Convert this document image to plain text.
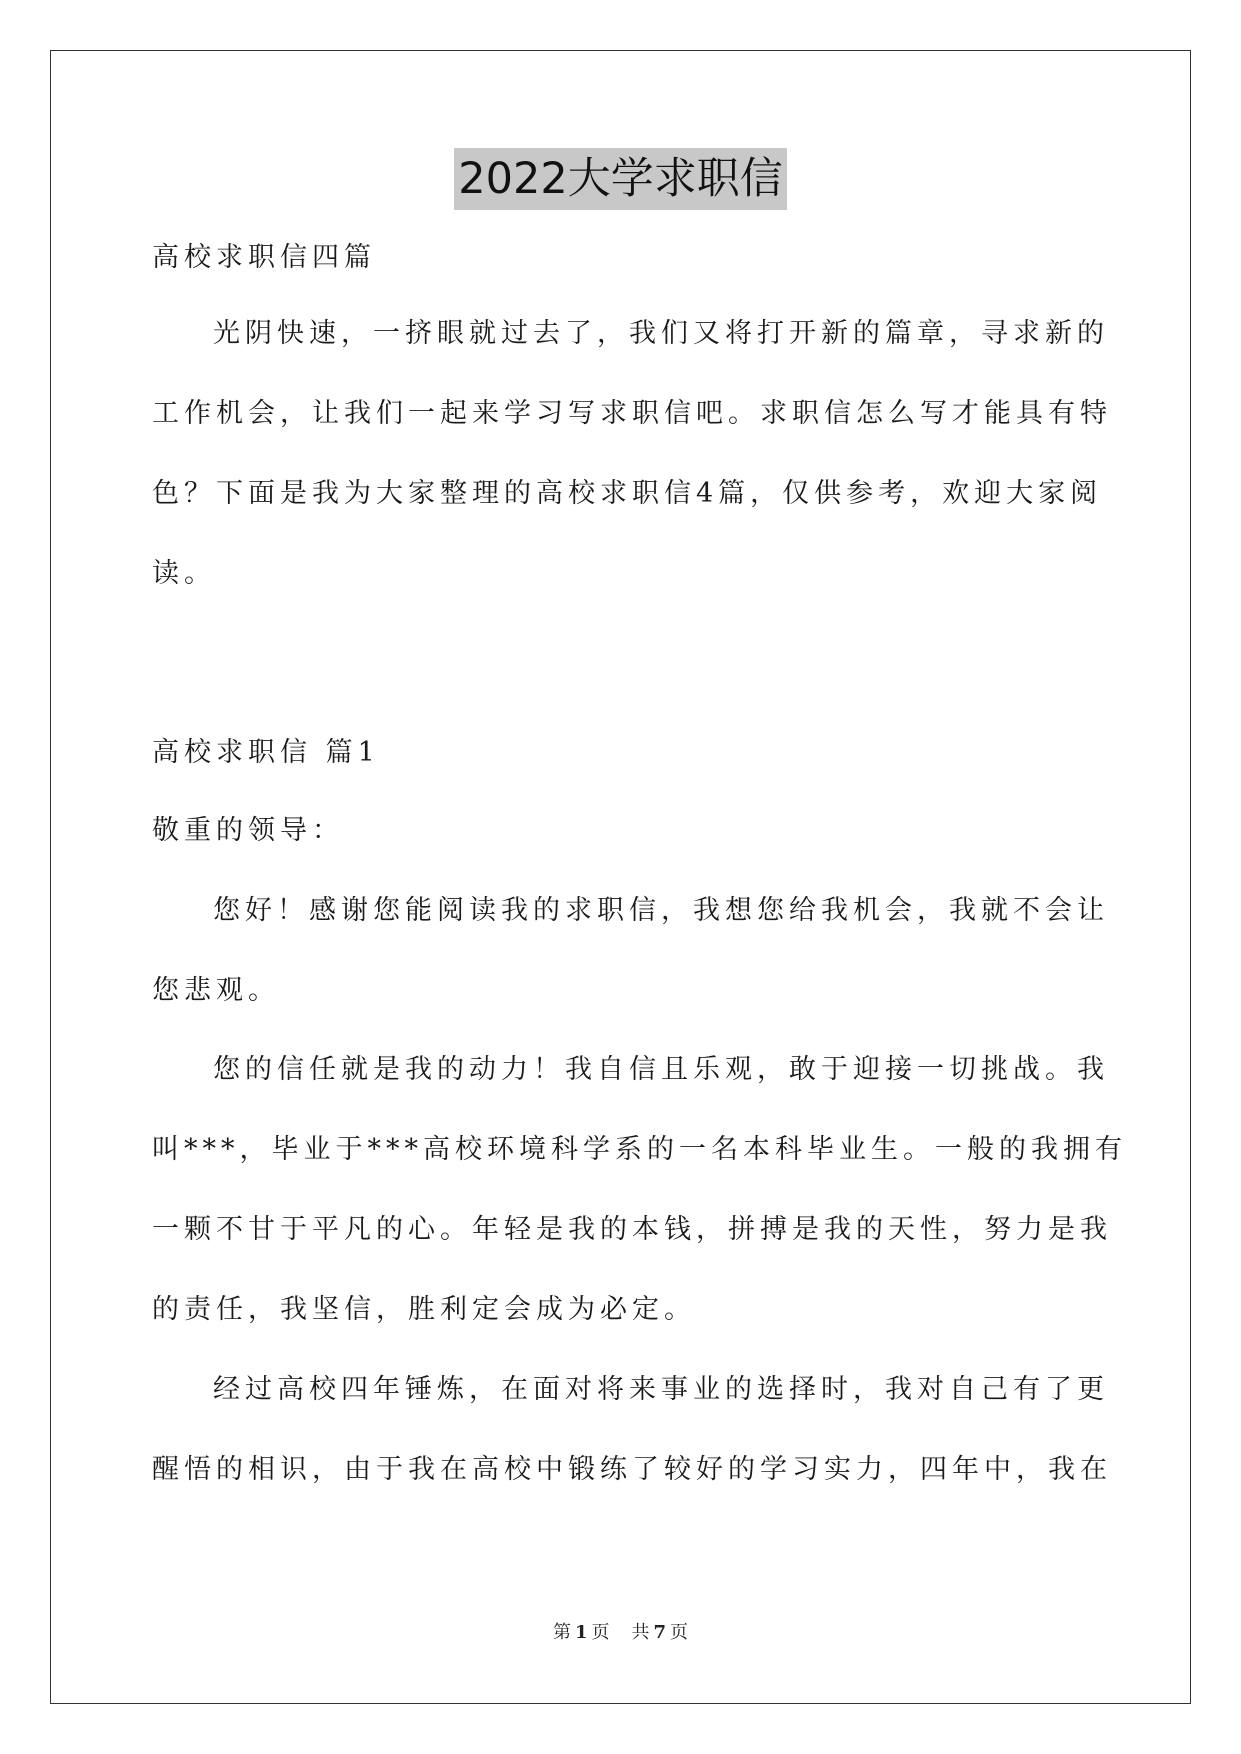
2022大学求职信
高校求职信四篇
光阴快速，一挤眼就过去了，我们又将打开新的篇章，寻求新的
工作机会，让我们一起来学习写求职信吧。求职信怎么写才能具有特
色？下面是我为大家整理的高校求职信4篇，仅供参考，欢迎大家阅
读。
高校求职信 篇1
敬重的领导：
您好！感谢您能阅读我的求职信，我想您给我机会，我就不会让
您悲观。
您的信任就是我的动力！我自信且乐观，敢于迎接一切挑战。我
叫***，毕业于***高校环境科学系的一名本科毕业生。一般的我拥有
一颗不甘于平凡的心。年轻是我的本钱，拼搏是我的天性，努力是我
的责任，我坚信，胜利定会成为必定。
经过高校四年锤炼，在面对将来事业的选择时，我对自己有了更
醒悟的相识，由于我在高校中锻练了较好的学习实力，四年中，我在
第 1 页 共 7 页
